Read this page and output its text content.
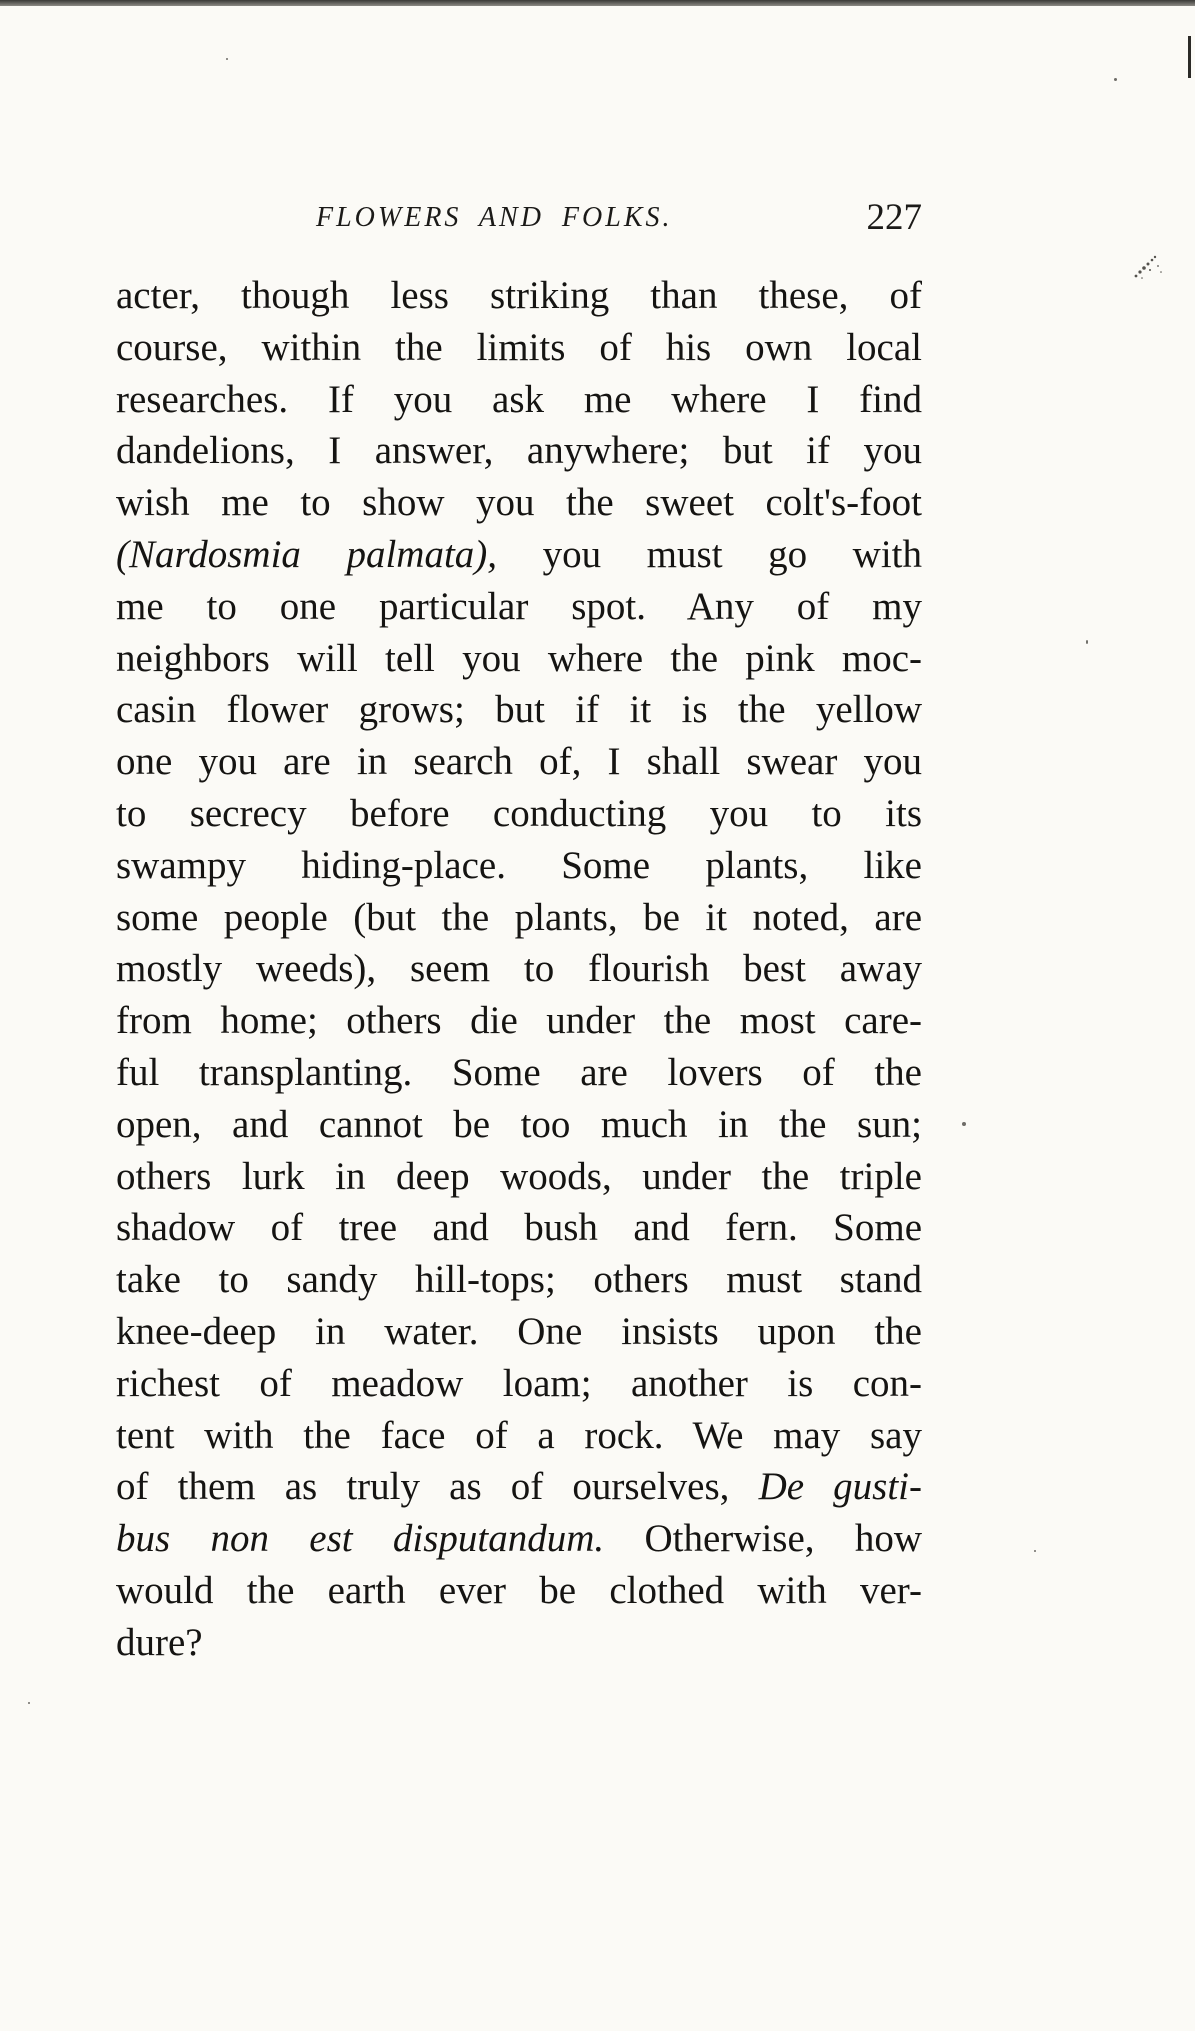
FLOWERS AND FOLKS.	227
acter, though less striking than these, of
course, within the limits of his own local
researches. If you ask me where I find
dandelions, I answer, anywhere; but if you
wish me to show you the sweet colt's-foot
(Nardosmia palmata), you must go with
me to one particular spot. Any of my
neighbors will tell you where the pink moc-
casin flower grows; but if it is the yellow
one you are in search of, I shall swear you
to secrecy before conducting you to its
swampy hiding-place. Some plants, like
some people (but the plants, be it noted, are
mostly weeds), seem to flourish best away
from home; others die under the most care-
ful transplanting. Some are lovers of the
open, and cannot be too much in the sun;
others lurk in deep woods, under the triple
shadow of tree and bush and fern. Some
take to sandy hill-tops; others must stand
knee-deep in water. One insists upon the
richest of meadow loam; another is con-
tent with the face of a rock. We may say
of them as truly as of ourselves, De gusti-
bus non est disputandum. Otherwise, how
would the earth ever be clothed with ver-
dure?
